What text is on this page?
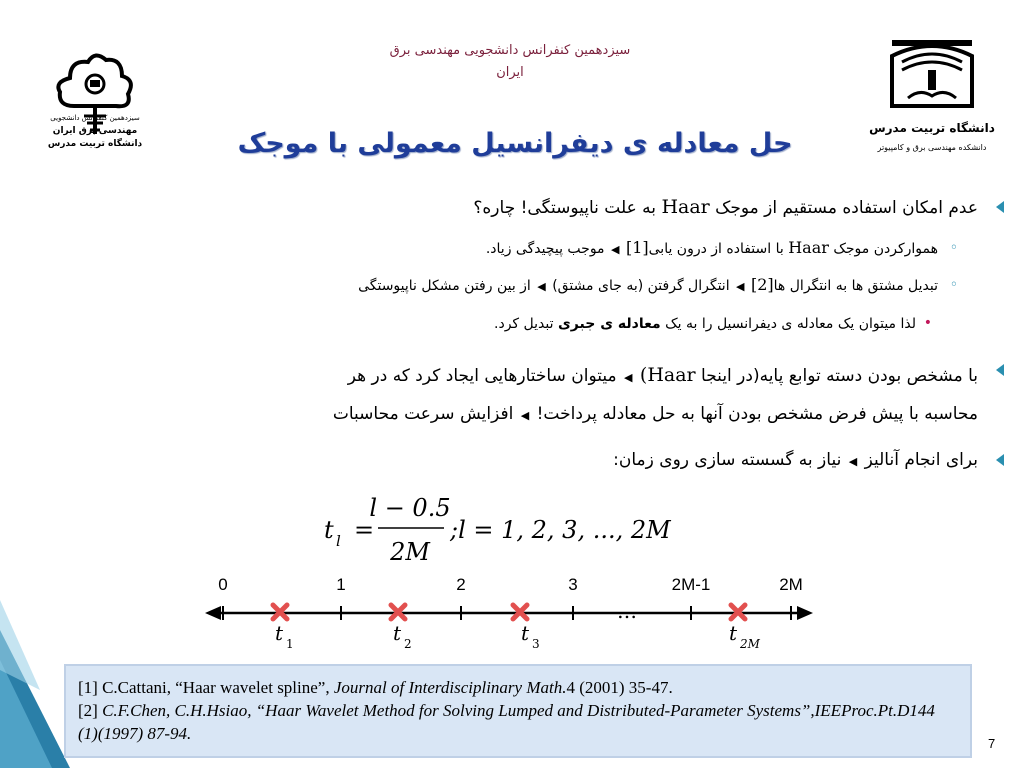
سیزدهمین کنفرانس دانشجویی
مهندسی برق ایران
دانشگاه تربیت مدرس
دانشگاه تربیت مدرس
دانشکده مهندسی برق و کامپیوتر
سیزدهمین کنفرانس دانشجویی مهندسی برق
ایران
حل معادله ی دیفرانسیل معمولی با موجک
عدم امکان استفاده مستقیم از موجک Haar به علت ناپیوستگی! چاره؟
◦
هموارکردن موجک Haar با استفاده از درون یابی[1] ◀ موجب پیچیدگی زیاد.
◦
تبدیل مشتق ها به انتگرال ها[2] ◀ انتگرال گرفتن (به جای مشتق) ◀ از بین رفتن مشکل ناپیوستگی
•
لذا میتوان یک معادله ی دیفرانسیل را به یک معادله ی جبری تبدیل کرد.
با مشخص بودن دسته توابع پایه(در اینجا Haar) ◀ میتوان ساختارهایی ایجاد کرد که در هر
محاسبه با پیش فرض مشخص بودن آنها به حل معادله پرداخت! ◀ افزایش سرعت محاسبات
برای انجام آنالیز ◀ نیاز به گسسته سازی روی زمان:
t l =
l − 0.5
2M
;l = 1, 2, 3, ..., 2M
0	1	2	3	2M-1	2M
…
t 1	t 2	t 3	t 2M
[1] C.Cattani, “Haar wavelet spline”, Journal of Interdisciplinary Math.4 (2001) 35-47.
[2] C.F.Chen, C.H.Hsiao, “Haar Wavelet Method for Solving Lumped and Distributed-Parameter Systems”,IEEProc.Pt.D144 (1)(1997) 87-94.
7
